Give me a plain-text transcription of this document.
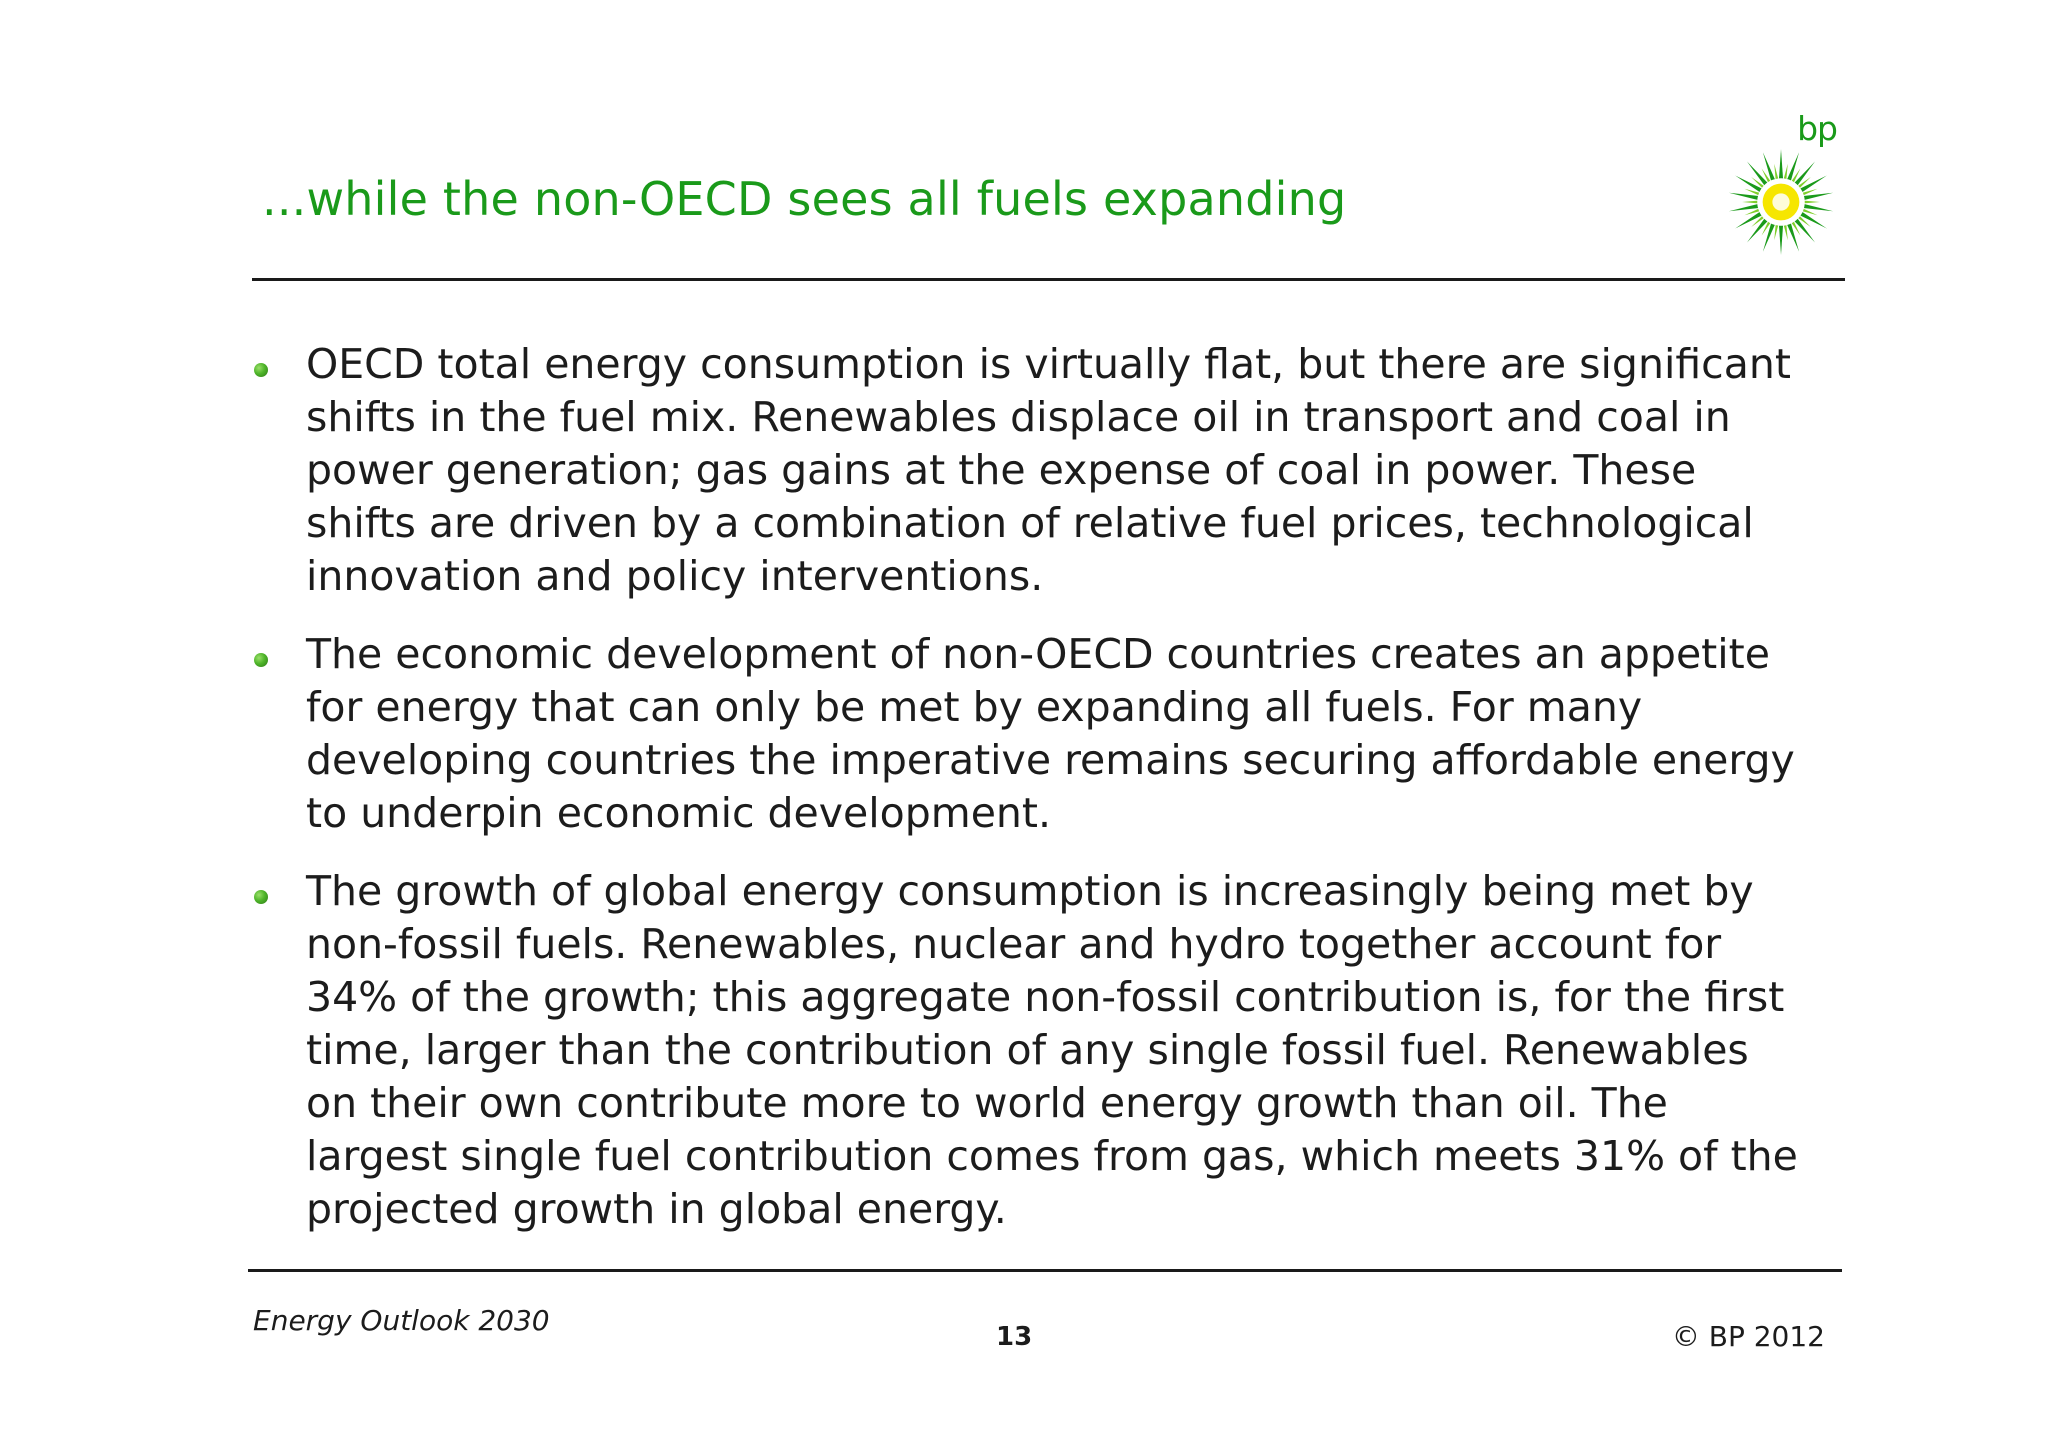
...while the non-OECD sees all fuels expanding
bp
OECD total energy consumption is virtually flat, but there are significant shifts in the fuel mix. Renewables displace oil in transport and coal in power generation; gas gains at the expense of coal in power. These shifts are driven by a combination of relative fuel prices, technological innovation and policy interventions.
The economic development of non-OECD countries creates an appetite for energy that can only be met by expanding all fuels. For many developing countries the imperative remains securing affordable energy to underpin economic development.
The growth of global energy consumption is increasingly being met by non-fossil fuels. Renewables, nuclear and hydro together account for 34% of the growth; this aggregate non-fossil contribution is, for the first time, larger than the contribution of any single fossil fuel. Renewables on their own contribute more to world energy growth than oil. The largest single fuel contribution comes from gas, which meets 31% of the projected growth in global energy.
Energy Outlook 2030	13	© BP 2012
